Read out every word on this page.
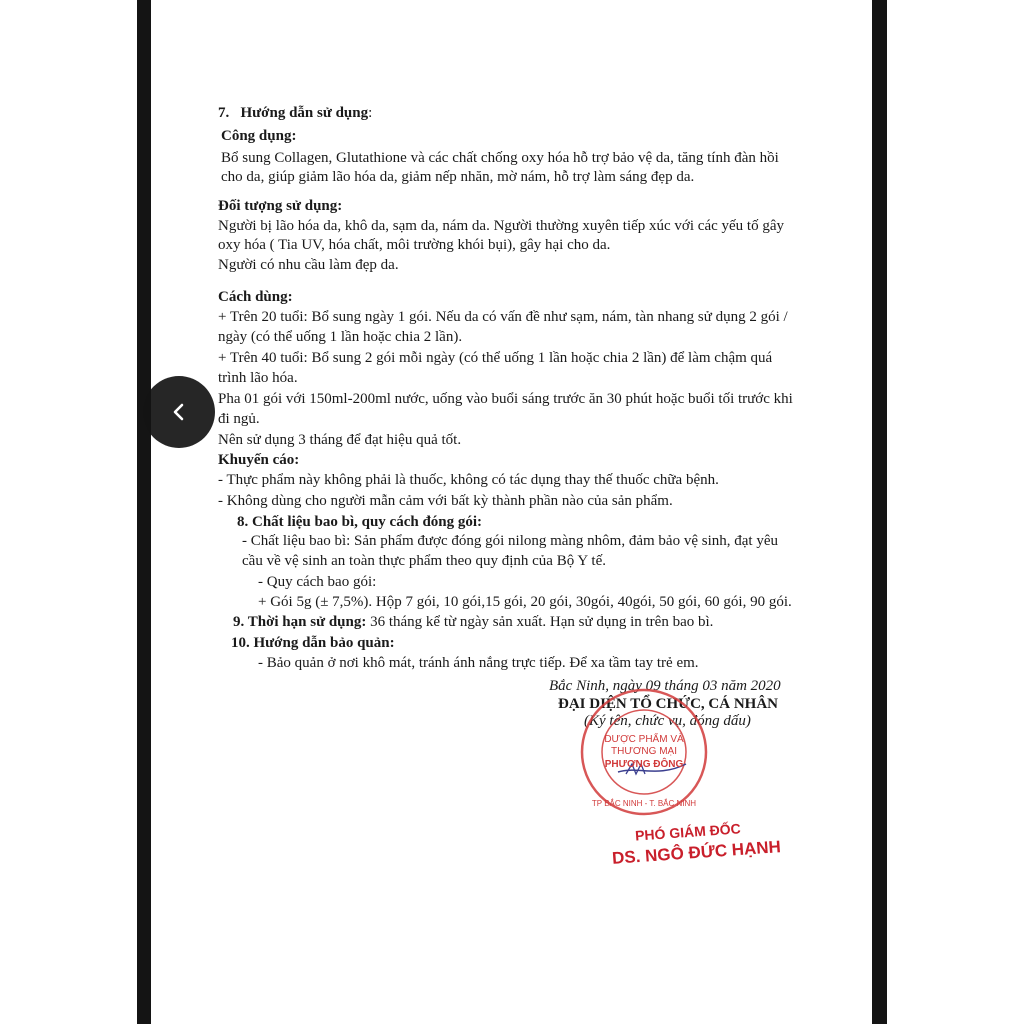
7. Hướng dẫn sử dụng:

Công dụng:

Bổ sung Collagen, Glutathione và các chất chống oxy hóa hỗ trợ bảo vệ da, tăng tính đàn hồi

cho da, giúp giảm lão hóa da, giảm nếp nhăn, mờ nám, hỗ trợ làm sáng đẹp da.

Đối tượng sử dụng:

Người bị lão hóa da, khô da, sạm da, nám da. Người thường xuyên tiếp xúc với các yếu tố gây

oxy hóa ( Tia UV, hóa chất, môi trường khói bụi), gây hại cho da.

Người có nhu cầu làm đẹp da.

Cách dùng:

+ Trên 20 tuổi: Bổ sung ngày 1 gói. Nếu da có vấn đề như sạm, nám, tàn nhang sử dụng 2 gói /

ngày (có thể uống 1 lần hoặc chia 2 lần).

+ Trên 40 tuổi: Bổ sung 2 gói mỗi ngày (có thể uống 1 lần hoặc chia 2 lần) để làm chậm quá

trình lão hóa.

Pha 01 gói với 150ml-200ml nước, uống vào buổi sáng trước ăn 30 phút hoặc buổi tối trước khi

đi ngủ.

Nên sử dụng 3 tháng để đạt hiệu quả tốt.

Khuyến cáo:

- Thực phẩm này không phải là thuốc, không có tác dụng thay thế thuốc chữa bệnh.

- Không dùng cho người mẫn cảm với bất kỳ thành phần nào của sản phẩm.

8. Chất liệu bao bì, quy cách đóng gói:

- Chất liệu bao bì: Sản phẩm được đóng gói nilong màng nhôm, đảm bảo vệ sinh, đạt yêu

cầu về vệ sinh an toàn thực phẩm theo quy định của Bộ Y tế.

- Quy cách bao gói:

+ Gói 5g (± 7,5%). Hộp 7 gói, 10 gói,15 gói, 20 gói, 30gói, 40gói, 50 gói, 60 gói, 90 gói.

9. Thời hạn sử dụng: 36 tháng kể từ ngày sản xuất. Hạn sử dụng in trên bao bì.

10. Hướng dẫn bảo quản:

- Bảo quản ở nơi khô mát, tránh ánh nắng trực tiếp. Để xa tầm tay trẻ em.

Bắc Ninh, ngày 09 tháng 03 năm 2020

ĐẠI DIỆN TỔ CHỨC, CÁ NHÂN

(Ký tên, chức vụ, đóng dấu)

DƯỢC PHẨM VÀ
THƯƠNG MẠI
PHƯƠNG ĐÔNG
TP BẮC NINH - T. BẮC NINH
PHÓ GIÁM ĐỐC
DS. NGÔ ĐỨC HẠNH
